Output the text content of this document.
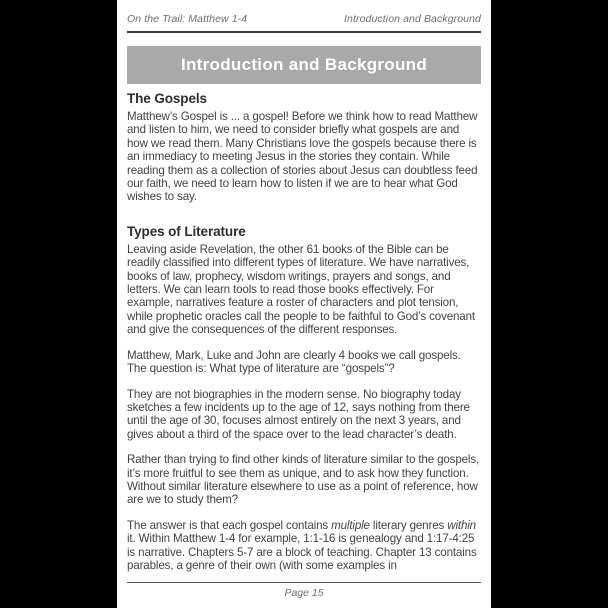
On the Trail: Matthew 1-4	Introduction and Background
Introduction and Background
The Gospels

Matthew’s Gospel is ... a gospel! Before we think how to read Matthew and listen to him, we need to consider briefly what gospels are and how we read them. Many Christians love the gospels because there is an immediacy to meeting Jesus in the stories they contain. While reading them as a collection of stories about Jesus can doubtless feed our faith, we need to learn how to listen if we are to hear what God wishes to say.

Types of Literature

Leaving aside Revelation, the other 61 books of the Bible can be readily classified into different types of literature. We have narratives, books of law, prophecy, wisdom writings, prayers and songs, and letters. We can learn tools to read those books effectively. For example, narratives feature a roster of characters and plot tension, while prophetic oracles call the people to be faithful to God’s covenant and give the consequences of the different responses.

Matthew, Mark, Luke and John are clearly 4 books we call gospels. The question is: What type of literature are “gospels”?

They are not biographies in the modern sense. No biography today sketches a few incidents up to the age of 12, says nothing from there until the age of 30, focuses almost entirely on the next 3 years, and gives about a third of the space over to the lead character’s death.

Rather than trying to find other kinds of literature similar to the gospels, it’s more fruitful to see them as unique, and to ask how they function. Without similar literature elsewhere to use as a point of reference, how are we to study them?

The answer is that each gospel contains multiple literary genres within it. Within Matthew 1-4 for example, 1:1-16 is genealogy and 1:17-4:25 is narrative. Chapters 5-7 are a block of teaching. Chapter 13 contains parables, a genre of their own (with some examples in

Page 15
